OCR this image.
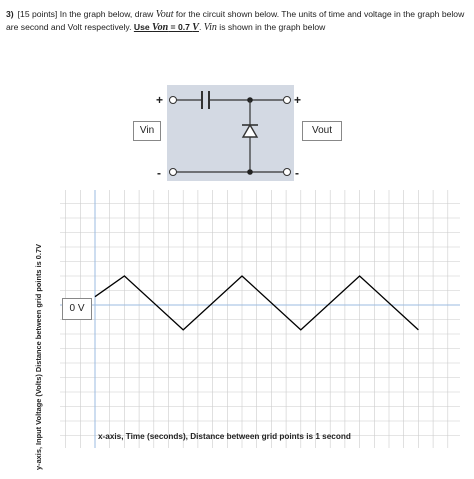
3) [15 points] In the graph below, draw Vout for the circuit shown below. The units of time and voltage in the graph below are second and Volt respectively. Use Von = 0.7 V. Vin is shown in the graph below
+
-
+
-
Vin	Vout
0 V
x-axis, Time (seconds), Distance between grid points is 1 second
y-axis, Input Voltage (Volts) Distance between grid points is 0.7V
